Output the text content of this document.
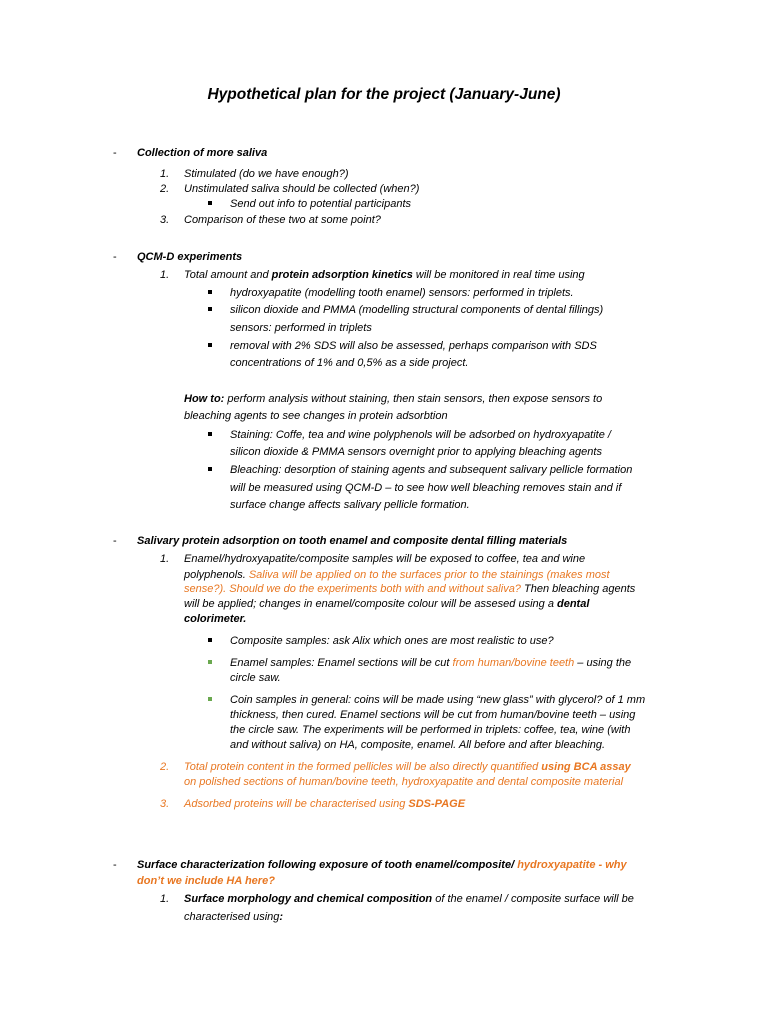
Hypothetical plan for the project (January-June)
- Collection of more saliva
1. Stimulated (do we have enough?)
2. Unstimulated saliva should be collected (when?)
Send out info to potential participants
3. Comparison of these two at some point?
- QCM-D experiments
1. Total amount and protein adsorption kinetics will be monitored in real time using
hydroxyapatite (modelling tooth enamel) sensors: performed in triplets.
silicon dioxide and PMMA (modelling structural components of dental fillings)
sensors: performed in triplets
removal with 2% SDS will also be assessed, perhaps comparison with SDS
concentrations of 1% and 0,5% as a side project.
How to: perform analysis without staining, then stain sensors, then expose sensors to
bleaching agents to see changes in protein adsorbtion
Staining: Coffe, tea and wine polyphenols will be adsorbed on hydroxyapatite /
silicon dioxide & PMMA sensors overnight prior to applying bleaching agents
Bleaching: desorption of staining agents and subsequent salivary pellicle formation
will be measured using QCM-D – to see how well bleaching removes stain and if
surface change affects salivary pellicle formation.
- Salivary protein adsorption on tooth enamel and composite dental filling materials
1. Enamel/hydroxyapatite/composite samples will be exposed to coffee, tea and wine
polyphenols. Saliva will be applied on to the surfaces prior to the stainings (makes most
sense?). Should we do the experiments both with and without saliva? Then bleaching agents
will be applied; changes in enamel/composite colour will be assesed using a dental
colorimeter.
Composite samples: ask Alix which ones are most realistic to use?
Enamel samples: Enamel sections will be cut from human/bovine teeth – using the
circle saw.
Coin samples in general: coins will be made using “new glass” with glycerol? of 1 mm
thickness, then cured. Enamel sections will be cut from human/bovine teeth – using
the circle saw. The experiments will be performed in triplets: coffee, tea, wine (with
and without saliva) on HA, composite, enamel. All before and after bleaching.
2. Total protein content in the formed pellicles will be also directly quantified using BCA assay
on polished sections of human/bovine teeth, hydroxyapatite and dental composite material
3. Adsorbed proteins will be characterised using SDS-PAGE
- Surface characterization following exposure of tooth enamel/composite/ hydroxyapatite - why
don’t we include HA here?
1. Surface morphology and chemical composition of the enamel / composite surface will be
characterised using:
